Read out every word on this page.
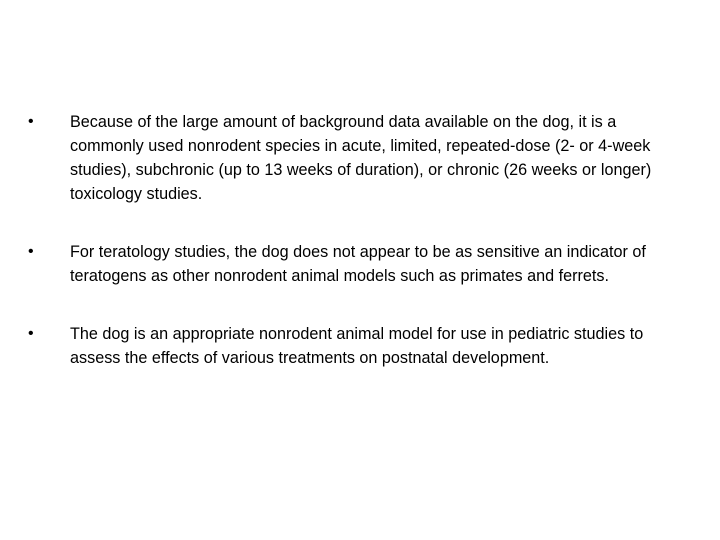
• Because of the large amount of background data available on the dog, it is a commonly used nonrodent species in acute, limited, repeated-dose (2- or 4-week studies), subchronic (up to 13 weeks of duration), or chronic (26 weeks or longer) toxicology studies.
• For teratology studies, the dog does not appear to be as sensitive an indicator of teratogens as other nonrodent animal models such as primates and ferrets.
• The dog is an appropriate nonrodent animal model for use in pediatric studies to assess the effects of various treatments on postnatal development.
